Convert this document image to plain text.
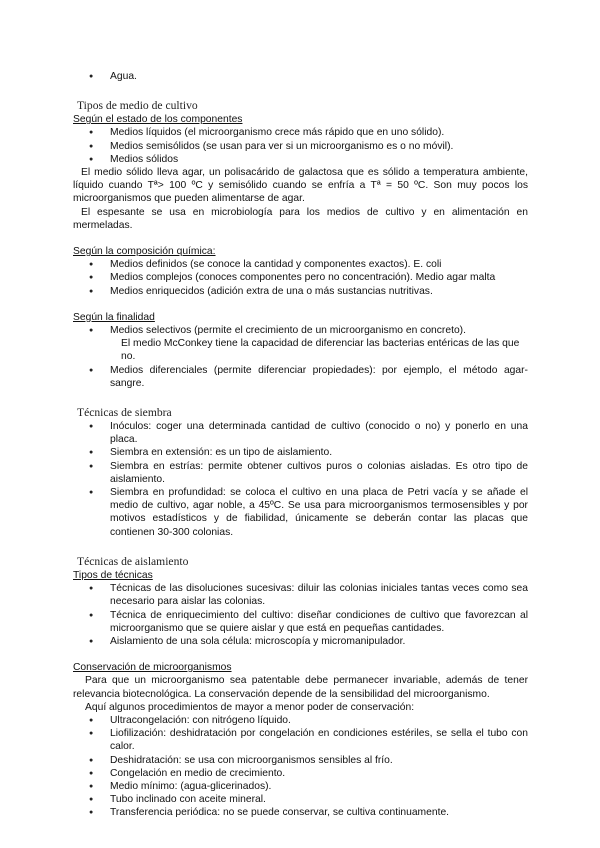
● Agua.
Tipos de medio de cultivo
Según el estado de los componentes
● Medios líquidos (el microorganismo crece más rápido que en uno sólido).
● Medios semisólidos (se usan para ver si un microorganismo es o no móvil).
● Medios sólidos

El medio sólido lleva agar, un polisacárido de galactosa que es sólido a temperatura ambiente, líquido cuando Tª> 100 ºC y semisólido cuando se enfría a Tª = 50 ºC. Son muy pocos los microorganismos que pueden alimentarse de agar.

El espesante se usa en microbiología para los medios de cultivo y en alimentación en mermeladas.

Según la composición química:
● Medios definidos (se conoce la cantidad y componentes exactos). E. coli
● Medios complejos (conoces componentes pero no concentración). Medio agar malta
● Medios enriquecidos (adición extra de una o más sustancias nutritivas.
Según la finalidad
● Medios selectivos (permite el crecimiento de un microorganismo en concreto).

El medio McConkey tiene la capacidad de diferenciar las bacterias entéricas de las que no.

● Medios diferenciales (permite diferenciar propiedades): por ejemplo, el método agar-sangre.
Técnicas de siembra
● Inóculos: coger una determinada cantidad de cultivo (conocido o no) y ponerlo en una placa.
● Siembra en extensión: es un tipo de aislamiento.
● Siembra en estrías: permite obtener cultivos puros o colonias aisladas. Es otro tipo de aislamiento.
● Siembra en profundidad: se coloca el cultivo en una placa de Petri vacía y se añade el medio de cultivo, agar noble, a 45ºC. Se usa para microorganismos termosensibles y por motivos estadísticos y de fiabilidad, únicamente se deberán contar las placas que contienen 30-300 colonias.
Técnicas de aislamiento
Tipos de técnicas
● Técnicas de las disoluciones sucesivas: diluir las colonias iniciales tantas veces como sea necesario para aislar las colonias.
● Técnica de enriquecimiento del cultivo: diseñar condiciones de cultivo que favorezcan al microorganismo que se quiere aislar y que está en pequeñas cantidades.
● Aislamiento de una sola célula: microscopía y micromanipulador.
Conservación de microorganismos

Para que un microorganismo sea patentable debe permanecer invariable, además de tener relevancia biotecnológica. La conservación depende de la sensibilidad del microorganismo.

Aquí algunos procedimientos de mayor a menor poder de conservación:

● Ultracongelación: con nitrógeno líquido.
● Liofilización: deshidratación por congelación en condiciones estériles, se sella el tubo con calor.
● Deshidratación: se usa con microorganismos sensibles al frío.
● Congelación en medio de crecimiento.
● Medio mínimo: (agua-glicerinados).
● Tubo inclinado con aceite mineral.
● Transferencia periódica: no se puede conservar, se cultiva continuamente.
